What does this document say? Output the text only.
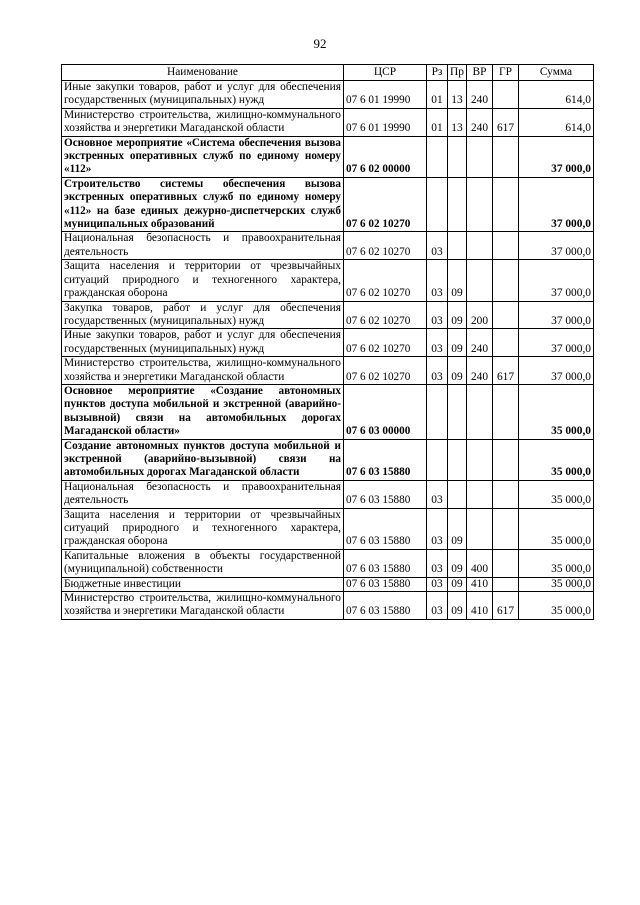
92
Наименование	ЦСР	Рз	Пр	ВР	ГР	Сумма
Иные закупки товаров, работ и услуг для обеспечения государственных (муниципальных) нужд	07 6 01 19990	01	13	240		614,0
Министерство строительства, жилищно-коммунального хозяйства и энергетики Магаданской области	07 6 01 19990	01	13	240	617	614,0
Основное мероприятие «Система обеспечения вызова экстренных оперативных служб по единому номеру «112»	07 6 02 00000					37 000,0
Строительство системы обеспечения вызова экстренных оперативных служб по единому номеру «112» на базе единых дежурно-диспетчерских служб муниципальных образований	07 6 02 10270					37 000,0
Национальная безопасность и правоохранительная деятельность	07 6 02 10270	03				37 000,0
Защита населения и территории от чрезвычайных ситуаций природного и техногенного характера, гражданская оборона	07 6 02 10270	03	09			37 000,0
Закупка товаров, работ и услуг для обеспечения государственных (муниципальных) нужд	07 6 02 10270	03	09	200		37 000,0
Иные закупки товаров, работ и услуг для обеспечения государственных (муниципальных) нужд	07 6 02 10270	03	09	240		37 000,0
Министерство строительства, жилищно-коммунального хозяйства и энергетики Магаданской области	07 6 02 10270	03	09	240	617	37 000,0
Основное мероприятие «Создание автономных пунктов доступа мобильной и экстренной (аварийно-вызывной) связи на автомобильных дорогах Магаданской области»	07 6 03 00000					35 000,0
Создание автономных пунктов доступа мобильной и экстренной (аварийно-вызывной) связи на автомобильных дорогах Магаданской области	07 6 03 15880					35 000,0
Национальная безопасность и правоохранительная деятельность	07 6 03 15880	03				35 000,0
Защита населения и территории от чрезвычайных ситуаций природного и техногенного характера, гражданская оборона	07 6 03 15880	03	09			35 000,0
Капитальные вложения в объекты государственной (муниципальной) собственности	07 6 03 15880	03	09	400		35 000,0
Бюджетные инвестиции	07 6 03 15880	03	09	410		35 000,0
Министерство строительства, жилищно-коммунального хозяйства и энергетики Магаданской области	07 6 03 15880	03	09	410	617	35 000,0
